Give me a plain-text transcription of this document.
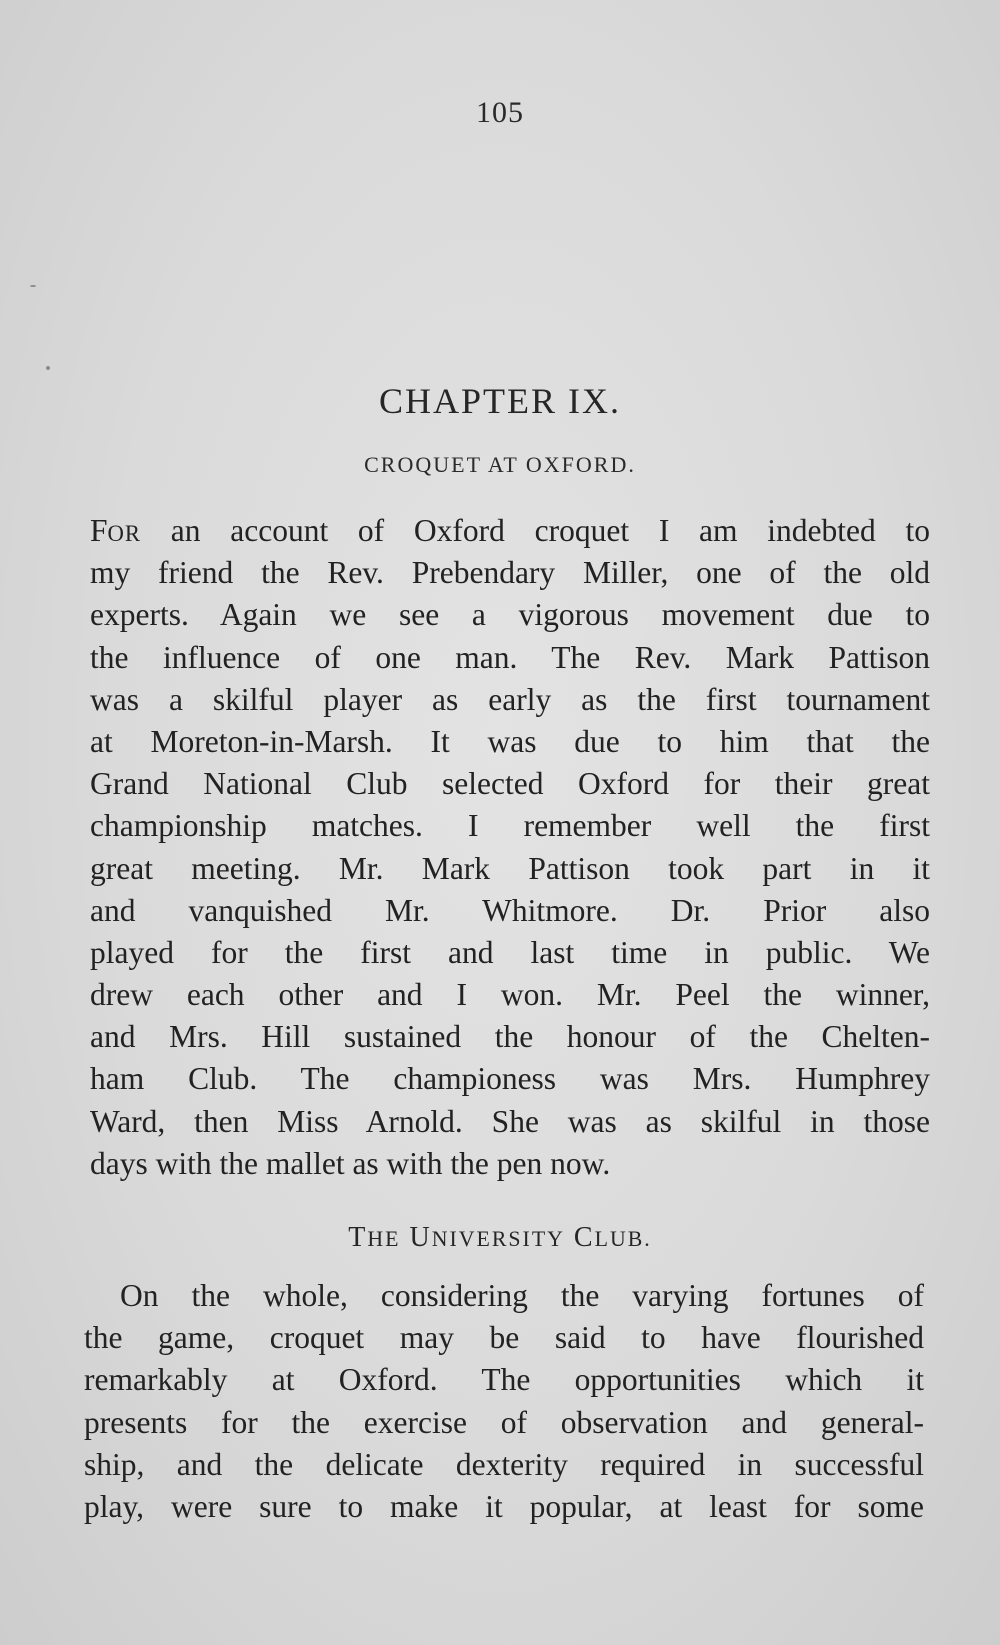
105
CHAPTER IX.
CROQUET AT OXFORD.
FOR an account of Oxford croquet I am indebted to
my friend the Rev. Prebendary Miller, one of the old
experts. Again we see a vigorous movement due to
the influence of one man. The Rev. Mark Pattison
was a skilful player as early as the first tournament
at Moreton-in-Marsh. It was due to him that the
Grand National Club selected Oxford for their great
championship matches. I remember well the first
great meeting. Mr. Mark Pattison took part in it
and vanquished Mr. Whitmore. Dr. Prior also
played for the first and last time in public. We
drew each other and I won. Mr. Peel the winner,
and Mrs. Hill sustained the honour of the Chelten-
ham Club. The championess was Mrs. Humphrey
Ward, then Miss Arnold. She was as skilful in those
days with the mallet as with the pen now.
THE UNIVERSITY CLUB.
On the whole, considering the varying fortunes of
the game, croquet may be said to have flourished
remarkably at Oxford. The opportunities which it
presents for the exercise of observation and general-
ship, and the delicate dexterity required in successful
play, were sure to make it popular, at least for some
